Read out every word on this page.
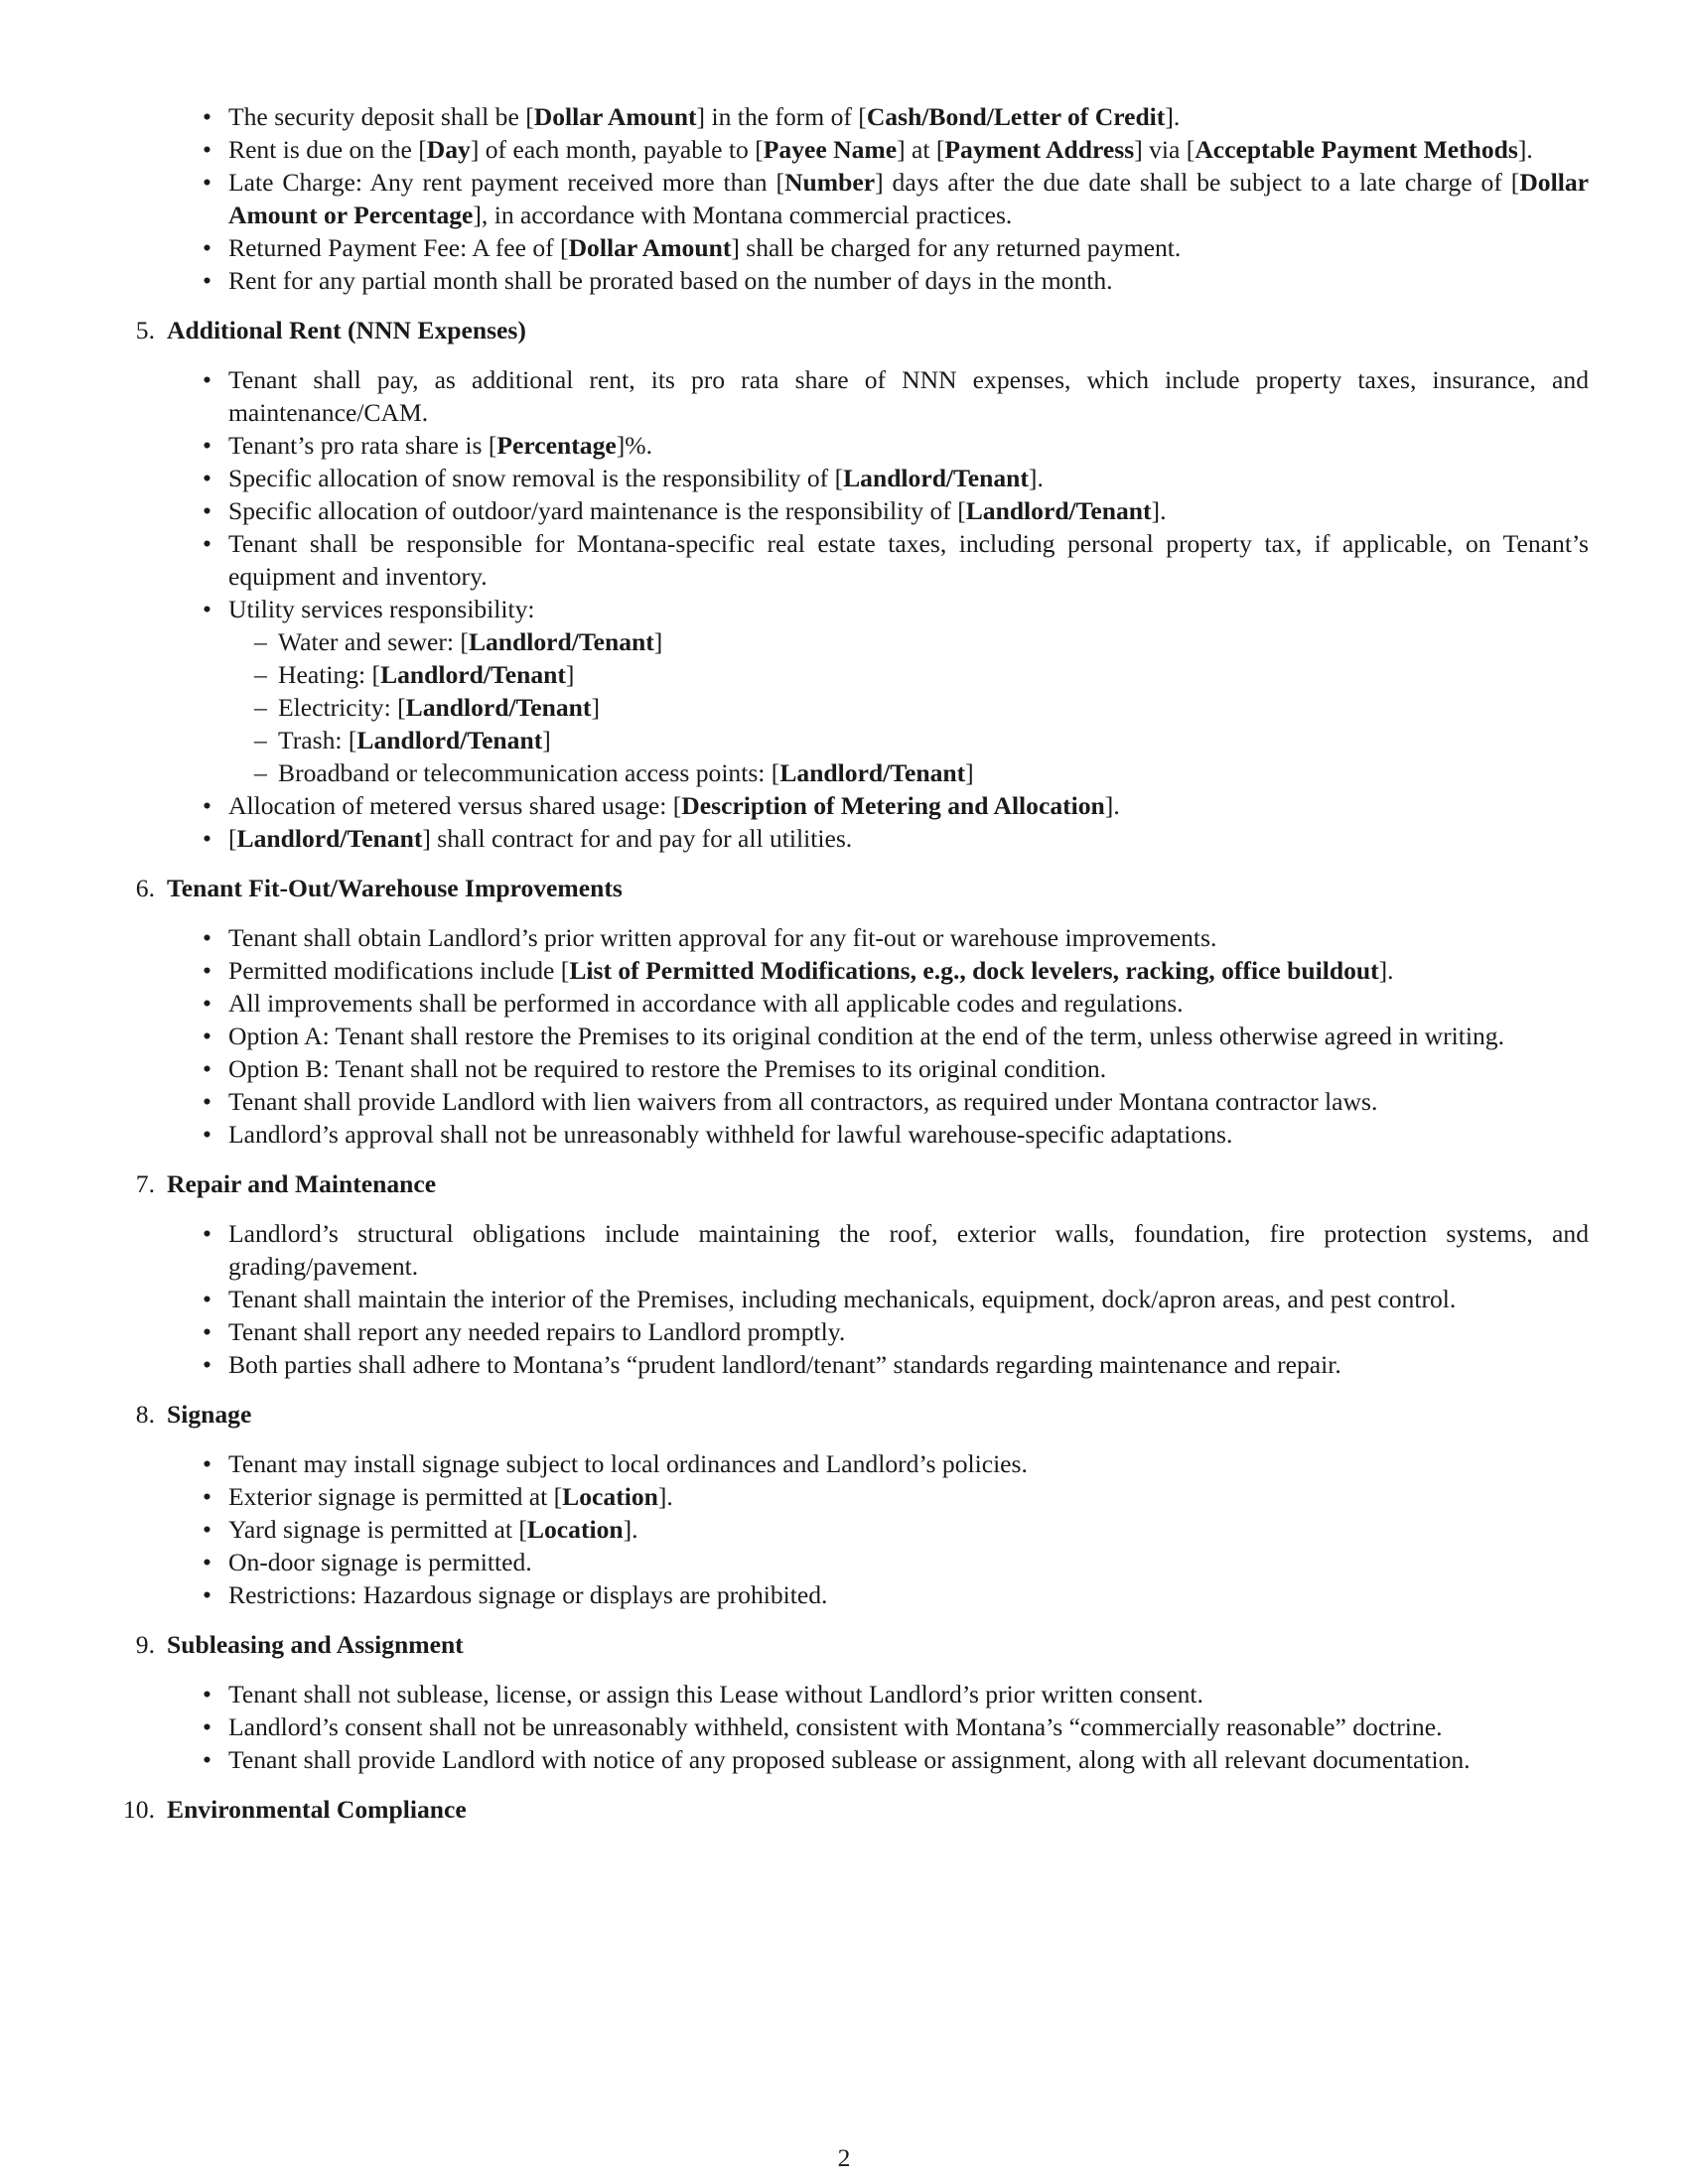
• The security deposit shall be [Dollar Amount] in the form of [Cash/Bond/Letter of Credit].
• Rent is due on the [Day] of each month, payable to [Payee Name] at [Payment Address] via [Acceptable Payment Methods].
• Late Charge: Any rent payment received more than [Number] days after the due date shall be subject to a late charge of [Dollar Amount or Percentage], in accordance with Montana commercial practices.
• Returned Payment Fee: A fee of [Dollar Amount] shall be charged for any returned payment.
• Rent for any partial month shall be prorated based on the number of days in the month.
5. Additional Rent (NNN Expenses)
• Tenant shall pay, as additional rent, its pro rata share of NNN expenses, which include property taxes, insurance, and maintenance/CAM.
• Tenant’s pro rata share is [Percentage]%.
• Specific allocation of snow removal is the responsibility of [Landlord/Tenant].
• Specific allocation of outdoor/yard maintenance is the responsibility of [Landlord/Tenant].
• Tenant shall be responsible for Montana-specific real estate taxes, including personal property tax, if applicable, on Tenant’s equipment and inventory.
• Utility services responsibility:
– Water and sewer: [Landlord/Tenant]
– Heating: [Landlord/Tenant]
– Electricity: [Landlord/Tenant]
– Trash: [Landlord/Tenant]
– Broadband or telecommunication access points: [Landlord/Tenant]
• Allocation of metered versus shared usage: [Description of Metering and Allocation].
• [Landlord/Tenant] shall contract for and pay for all utilities.
6. Tenant Fit-Out/Warehouse Improvements
• Tenant shall obtain Landlord’s prior written approval for any fit-out or warehouse improvements.
• Permitted modifications include [List of Permitted Modifications, e.g., dock levelers, racking, office buildout].
• All improvements shall be performed in accordance with all applicable codes and regulations.
• Option A: Tenant shall restore the Premises to its original condition at the end of the term, unless otherwise agreed in writing.
• Option B: Tenant shall not be required to restore the Premises to its original condition.
• Tenant shall provide Landlord with lien waivers from all contractors, as required under Montana contractor laws.
• Landlord’s approval shall not be unreasonably withheld for lawful warehouse-specific adaptations.
7. Repair and Maintenance
• Landlord’s structural obligations include maintaining the roof, exterior walls, foundation, fire protection systems, and grading/pavement.
• Tenant shall maintain the interior of the Premises, including mechanicals, equipment, dock/apron areas, and pest control.
• Tenant shall report any needed repairs to Landlord promptly.
• Both parties shall adhere to Montana’s “prudent landlord/tenant” standards regarding maintenance and repair.
8. Signage
• Tenant may install signage subject to local ordinances and Landlord’s policies.
• Exterior signage is permitted at [Location].
• Yard signage is permitted at [Location].
• On-door signage is permitted.
• Restrictions: Hazardous signage or displays are prohibited.
9. Subleasing and Assignment
• Tenant shall not sublease, license, or assign this Lease without Landlord’s prior written consent.
• Landlord’s consent shall not be unreasonably withheld, consistent with Montana’s “commercially reasonable” doctrine.
• Tenant shall provide Landlord with notice of any proposed sublease or assignment, along with all relevant documentation.
10. Environmental Compliance
2
